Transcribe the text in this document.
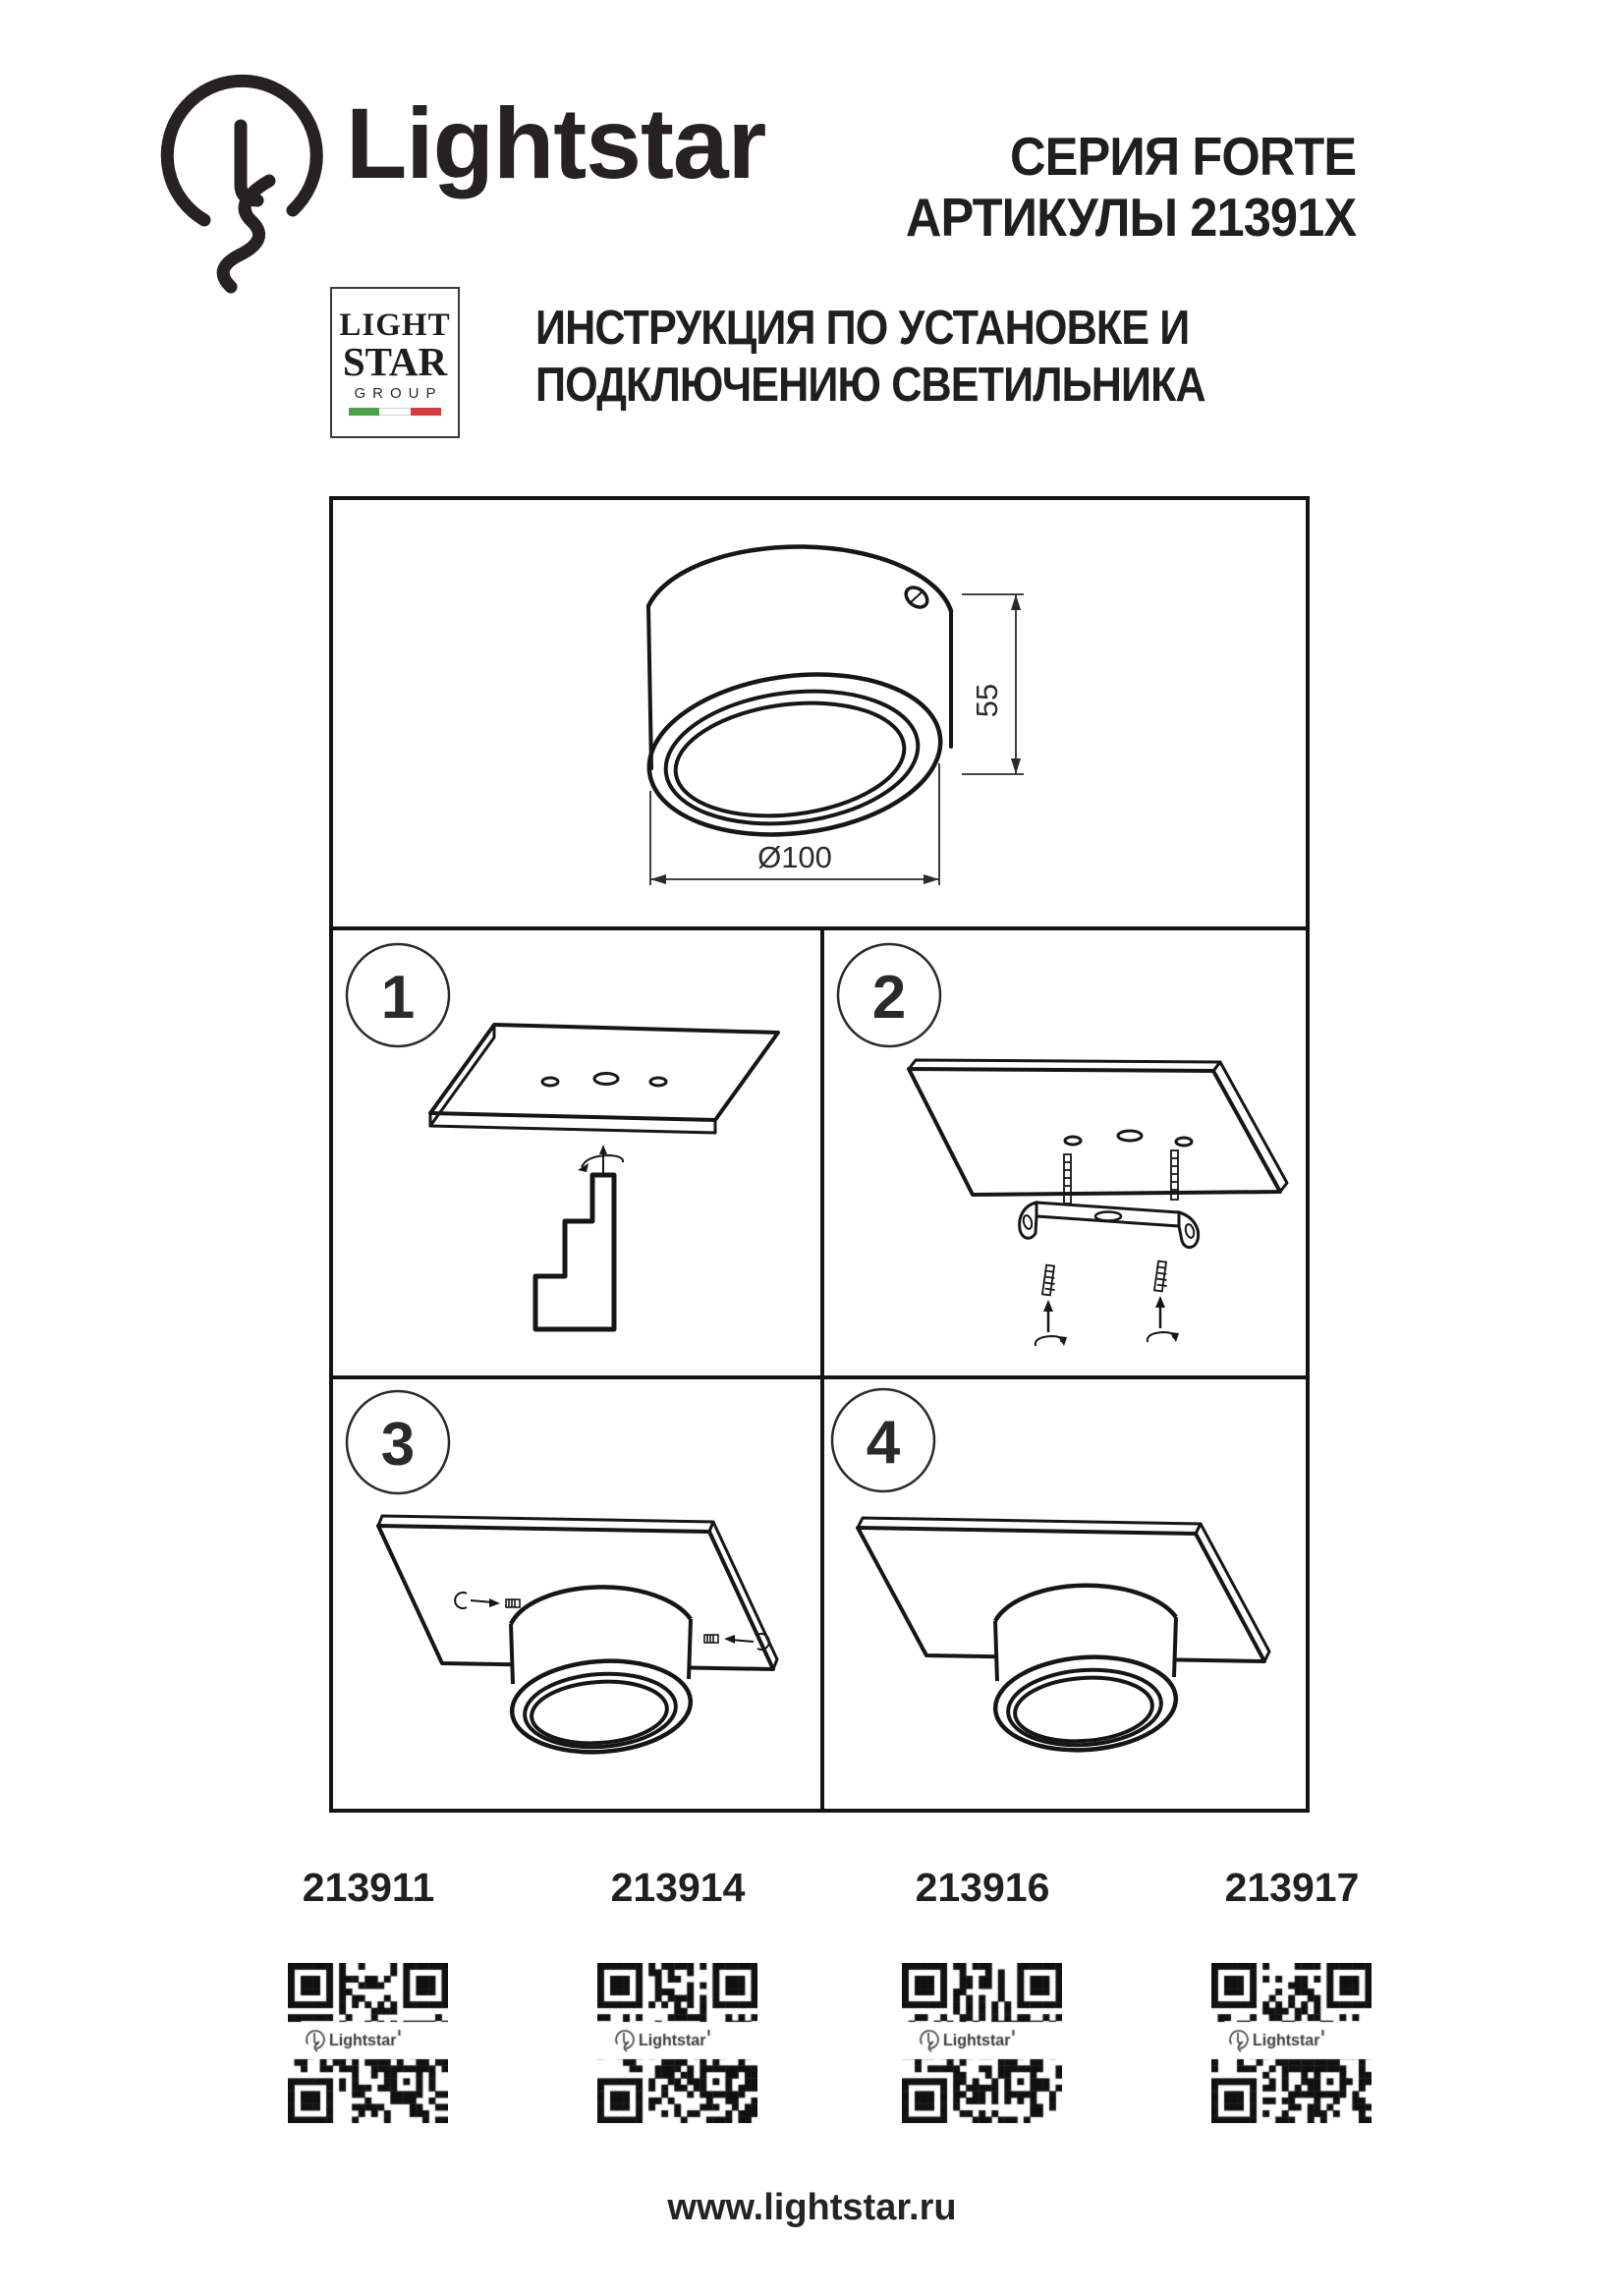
Lightstar	СЕРИЯ FORTE
АРТИКУЛЫ 21391X
LIGHT
STAR
GROUP
ИНСТРУКЦИЯ ПО УСТАНОВКЕ И
ПОДКЛЮЧЕНИЮ СВЕТИЛЬНИКА
55
Ø100
1	2
3	4
213911	213914	213916	213917
www.lightstar.ru
